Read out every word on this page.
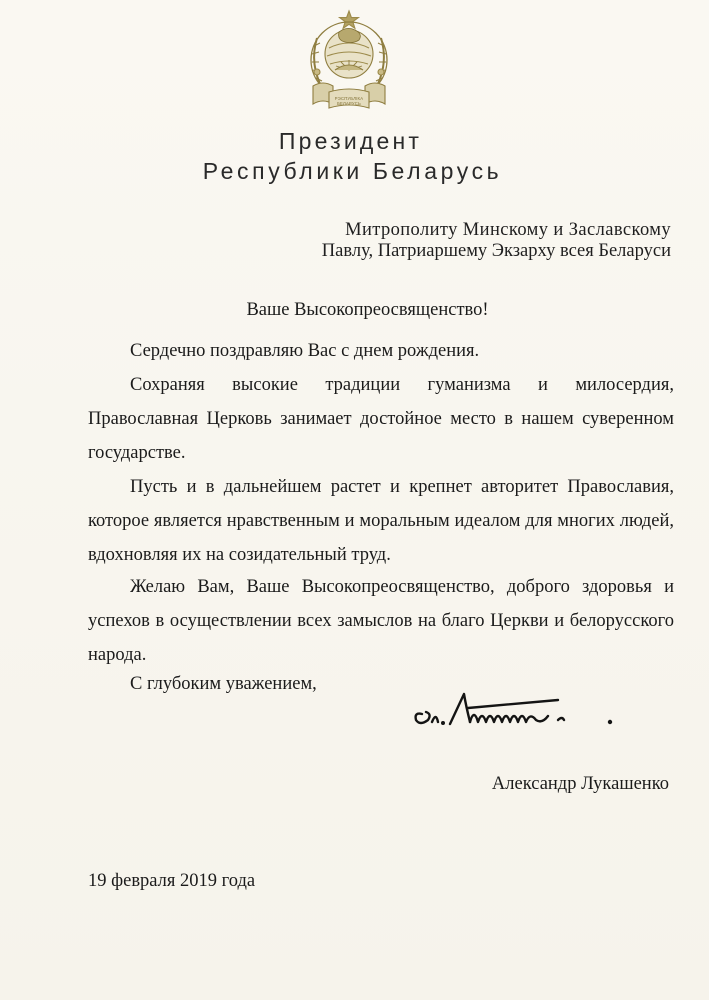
РЭСПУБЛІКА
БЕЛАРУСЬ
Президент
Республики Беларусь
Митрополиту Минскому и Заславскому
Павлу, Патриаршему Экзарху всея Беларуси
Ваше Высокопреосвященство!
Сердечно поздравляю Вас с днем рождения.
Сохраняя высокие традиции гуманизма и милосердия, Православная Церковь занимает достойное место в нашем суверенном государстве.
Пусть и в дальнейшем растет и крепнет авторитет Православия, которое является нравственным и моральным идеалом для многих людей, вдохновляя их на созидательный труд.
Желаю Вам, Ваше Высокопреосвященство, доброго здоровья и успехов в осуществлении всех замыслов на благо Церкви и белорусского народа.
С глубоким уважением,
Александр Лукашенко
19 февраля 2019 года
